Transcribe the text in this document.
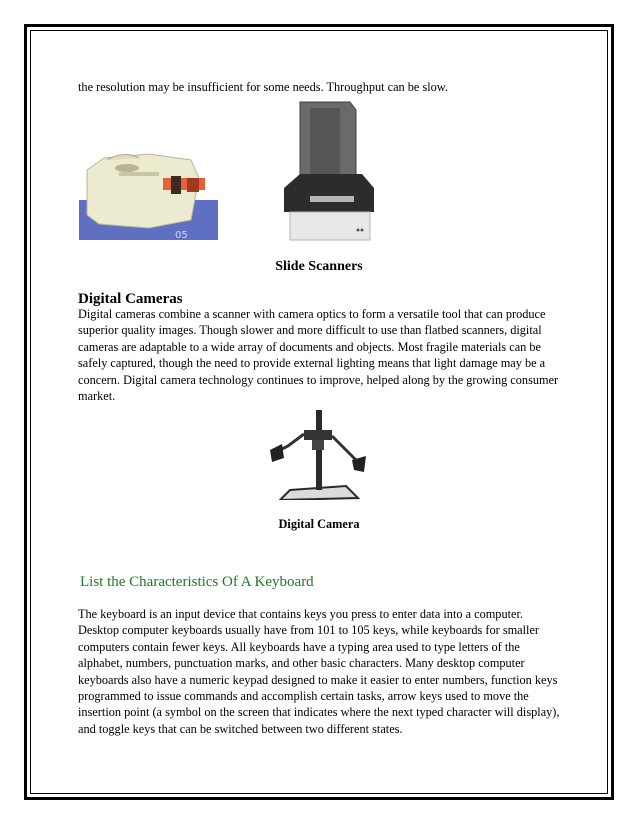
the resolution may be insufficient for some needs. Throughput can be slow.

05
Slide Scanners
Digital Cameras

Digital cameras combine a scanner with camera optics to form a versatile tool that can produce superior quality images. Though slower and more difficult to use than flatbed scanners, digital cameras are adaptable to a wide array of documents and objects. Most fragile materials can be safely captured, though the need to provide external lighting means that light damage may be a concern. Digital camera technology continues to improve, helped along by the growing consumer market.

Digital Camera
List the Characteristics Of A Keyboard

The keyboard is an input device that contains keys you press to enter data into a computer. Desktop computer keyboards usually have from 101 to 105 keys, while keyboards for smaller computers contain fewer keys. All keyboards have a typing area used to type letters of the alphabet, numbers, punctuation marks, and other basic characters. Many desktop computer keyboards also have a numeric keypad designed to make it easier to enter numbers, function keys programmed to issue commands and accomplish certain tasks, arrow keys used to move the insertion point (a symbol on the screen that indicates where the next typed character will display), and toggle keys that can be switched between two different states.
